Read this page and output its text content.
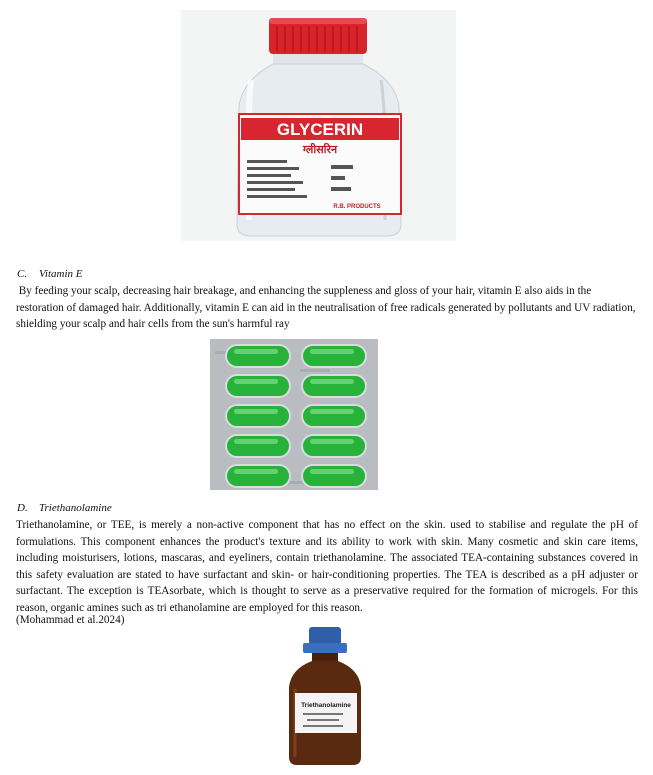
GLYCERIN
ग्लीसरिन
R.B. PRODUCTS
C. Vitamin E
By feeding your scalp, decreasing hair breakage, and enhancing the suppleness and gloss of your hair, vitamin E also aids in the restoration of damaged hair. Additionally, vitamin E can aid in the neutralisation of free radicals generated by pollutants and UV radiation, shielding your scalp and hair cells from the sun's harmful ray
D. Triethanolamine
Triethanolamine, or TEE, is merely a non-active component that has no effect on the skin. used to stabilise and regulate the pH of formulations. This component enhances the product's texture and its ability to work with skin. Many cosmetic and skin care items, including moisturisers, lotions, mascaras, and eyeliners, contain triethanolamine. The associated TEA-containing substances covered in this safety evaluation are stated to have surfactant and skin- or hair-conditioning properties. The TEA is described as a pH adjuster or surfactant. The exception is TEAsorbate, which is thought to serve as a preservative required for the formation of microgels. For this reason, organic amines such as tri ethanolamine are employed for this reason.
(Mohammad et al.2024)
Triethanolamine
